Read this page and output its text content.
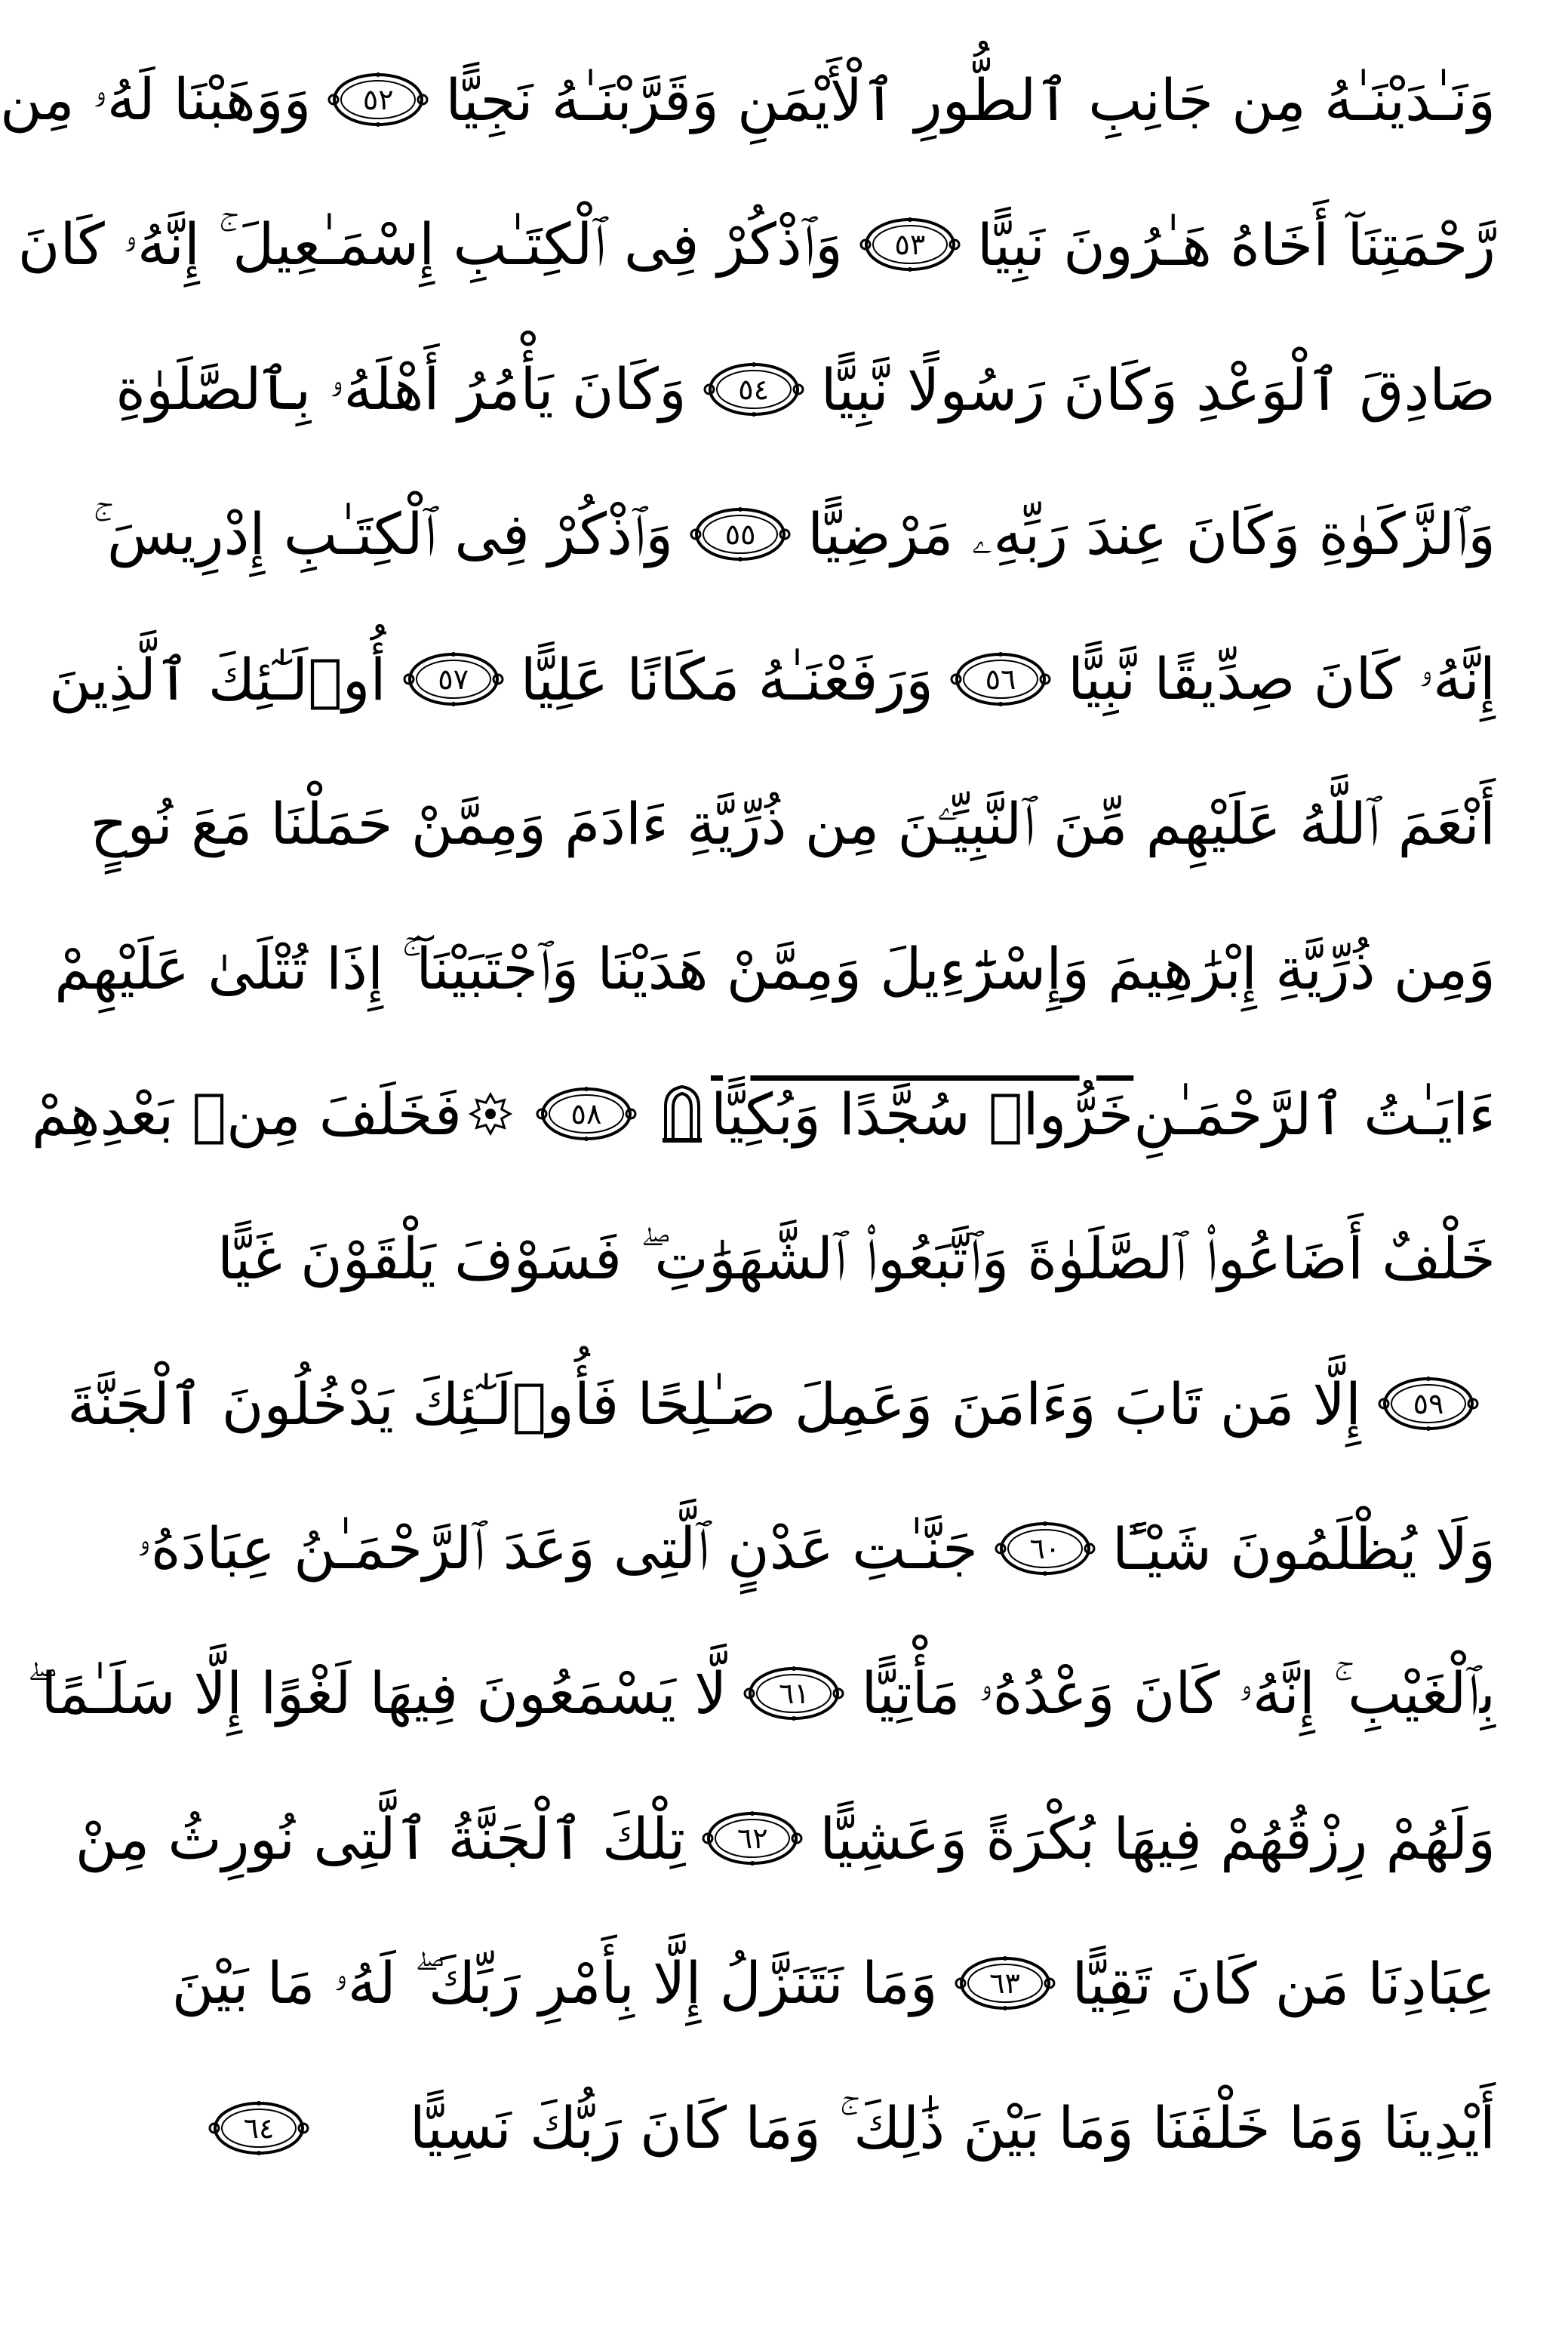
وَنَـٰدَيْنَـٰهُ مِن جَانِبِ ٱلطُّورِ ٱلْأَيْمَنِ وَقَرَّبْنَـٰهُ نَجِيًّا
٥٢
وَوَهَبْنَا لَهُۥ مِن
رَّحْمَتِنَآ أَخَاهُ هَـٰرُونَ نَبِيًّا
٥٣
وَٱذْكُرْ فِى ٱلْكِتَـٰبِ إِسْمَـٰعِيلَ ۚ إِنَّهُۥ كَانَ
صَادِقَ ٱلْوَعْدِ وَكَانَ رَسُولًا نَّبِيًّا
٥٤
وَكَانَ يَأْمُرُ أَهْلَهُۥ بِٱلصَّلَوٰةِ
وَٱلزَّكَوٰةِ وَكَانَ عِندَ رَبِّهِۦ مَرْضِيًّا
٥٥
وَٱذْكُرْ فِى ٱلْكِتَـٰبِ إِدْرِيسَ ۚ
إِنَّهُۥ كَانَ صِدِّيقًا نَّبِيًّا
٥٦
وَرَفَعْنَـٰهُ مَكَانًا عَلِيًّا
٥٧
أُو۟لَـٰٓئِكَ ٱلَّذِينَ
أَنْعَمَ ٱللَّهُ عَلَيْهِم مِّنَ ٱلنَّبِيِّـۧنَ مِن ذُرِّيَّةِ ءَادَمَ وَمِمَّنْ حَمَلْنَا مَعَ نُوحٍ
وَمِن ذُرِّيَّةِ إِبْرَٰهِيمَ وَإِسْرَٰٓءِيلَ وَمِمَّنْ هَدَيْنَا وَٱجْتَبَيْنَآ ۚ إِذَا تُتْلَىٰ عَلَيْهِمْ
ءَايَـٰتُ ٱلرَّحْمَـٰنِ
خَرُّوا۟ سُجَّدًا وَبُكِيًّا
٥٨
فَخَلَفَ مِنۢ بَعْدِهِمْ
خَلْفٌ أَضَاعُوا۟ ٱلصَّلَوٰةَ وَٱتَّبَعُوا۟ ٱلشَّهَوَٰتِ ۖ فَسَوْفَ يَلْقَوْنَ غَيًّا
٥٩
إِلَّا مَن تَابَ وَءَامَنَ وَعَمِلَ صَـٰلِحًا فَأُو۟لَـٰٓئِكَ يَدْخُلُونَ ٱلْجَنَّةَ
وَلَا يُظْلَمُونَ شَيْـًٔا
٦٠
جَنَّـٰتِ عَدْنٍ ٱلَّتِى وَعَدَ ٱلرَّحْمَـٰنُ عِبَادَهُۥ
بِٱلْغَيْبِ ۚ إِنَّهُۥ كَانَ وَعْدُهُۥ مَأْتِيًّا
٦١
لَّا يَسْمَعُونَ فِيهَا لَغْوًا إِلَّا سَلَـٰمًا ۖ
وَلَهُمْ رِزْقُهُمْ فِيهَا بُكْرَةً وَعَشِيًّا
٦٢
تِلْكَ ٱلْجَنَّةُ ٱلَّتِى نُورِثُ مِنْ
عِبَادِنَا مَن كَانَ تَقِيًّا
٦٣
وَمَا نَتَنَزَّلُ إِلَّا بِأَمْرِ رَبِّكَ ۖ لَهُۥ مَا بَيْنَ
أَيْدِينَا وَمَا خَلْفَنَا وَمَا بَيْنَ ذَٰلِكَ ۚ وَمَا كَانَ رَبُّكَ نَسِيًّا
٦٤
